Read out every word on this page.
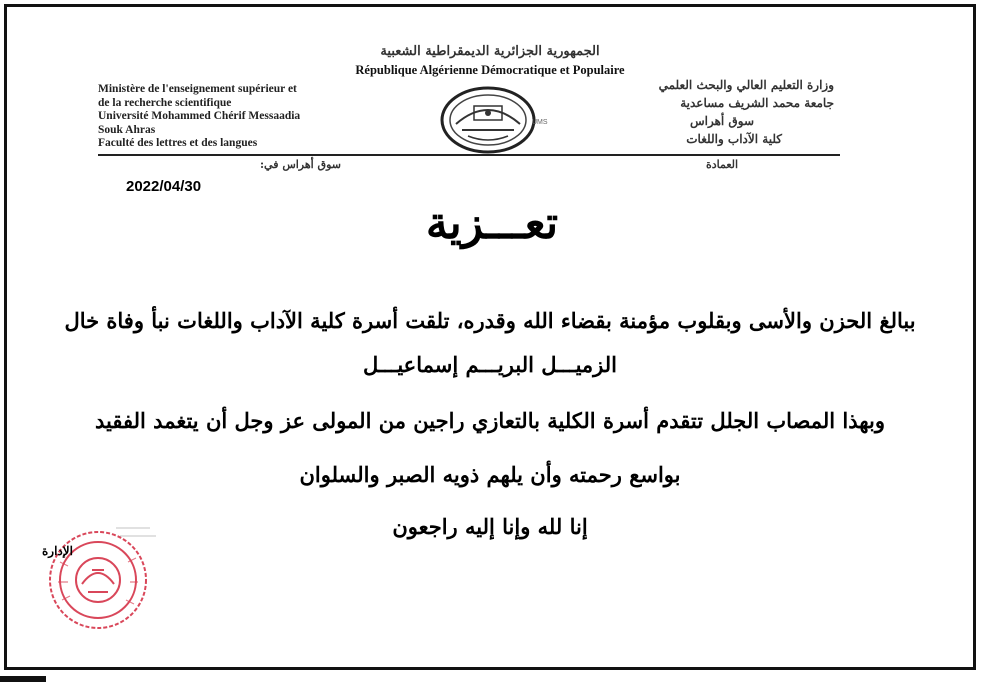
الجمهورية الجزائرية الديمقراطية الشعبية
République Algérienne Démocratique et Populaire
Ministère de l'enseignement supérieur et
de la recherche scientifique
Université Mohammed Chérif Messaadia
Souk Ahras
Faculté des lettres et des langues
وزارة التعليم العالي والبحث العلمي
جامعة محمد الشريف مساعدية
سوق أهراس
كلية الآداب واللغات
UMS
سوق أهراس في:	العمادة
2022/04/30
تعـــزية
ببالغ الحزن والأسى وبقلوب مؤمنة بقضاء الله وقدره، تلقت أسرة كلية الآداب واللغات نبأ وفاة خال
الزميـــل البريـــم إسماعيـــل
وبهذا المصاب الجلل تتقدم أسرة الكلية بالتعازي راجين من المولى عز وجل أن يتغمد الفقيد
بواسع رحمته وأن يلهم ذويه الصبر والسلوان
إنا لله وإنا إليه راجعون
الإدارة
